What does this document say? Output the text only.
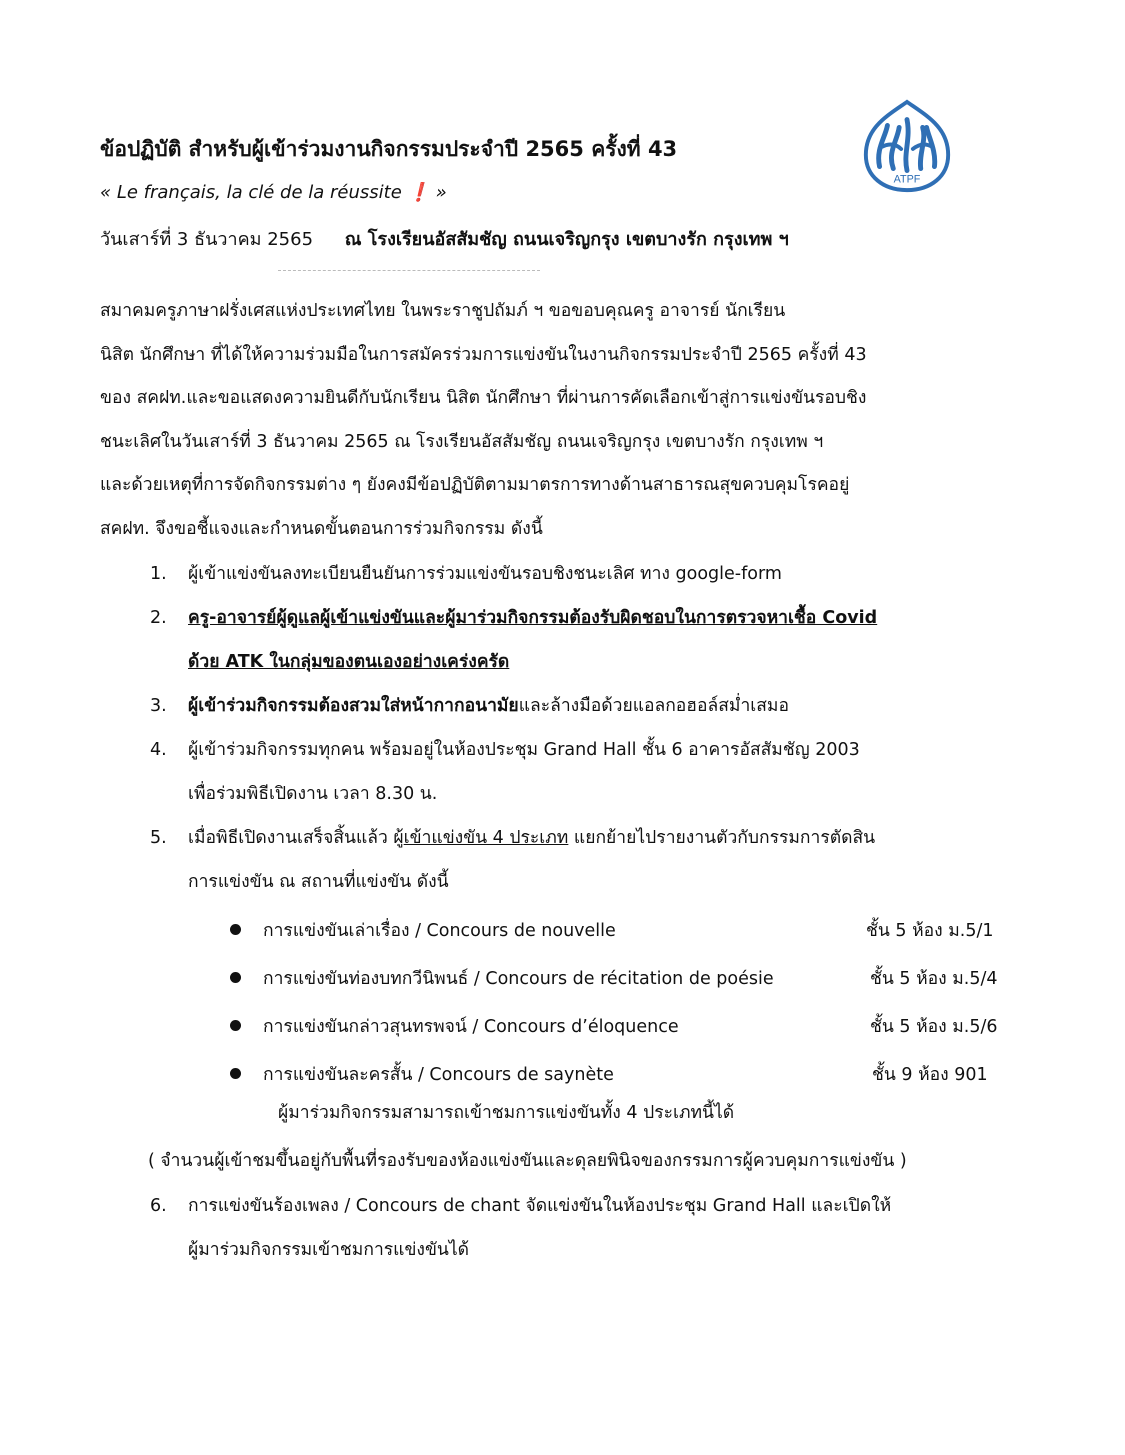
ข้อปฏิบัติ สำหรับผู้เข้าร่วมงานกิจกรรมประจำปี 2565 ครั้งที่ 43
« Le français, la clé de la réussite ❗ »
วันเสาร์ที่ 3 ธันวาคม 2565 ณ โรงเรียนอัสสัมชัญ ถนนเจริญกรุง เขตบางรัก กรุงเทพ ฯ
ATPF
สมาคมครูภาษาฝรั่งเศสแห่งประเทศไทย ในพระราชูปถัมภ์ ฯ ขอขอบคุณครู อาจารย์ นักเรียน
นิสิต นักศึกษา ที่ได้ให้ความร่วมมือในการสมัครร่วมการแข่งขันในงานกิจกรรมประจำปี 2565 ครั้งที่ 43
ของ สคฝท.และขอแสดงความยินดีกับนักเรียน นิสิต นักศึกษา ที่ผ่านการคัดเลือกเข้าสู่การแข่งขันรอบชิง
ชนะเลิศในวันเสาร์ที่ 3 ธันวาคม 2565 ณ โรงเรียนอัสสัมชัญ ถนนเจริญกรุง เขตบางรัก กรุงเทพ ฯ
และด้วยเหตุที่การจัดกิจกรรมต่าง ๆ ยังคงมีข้อปฏิบัติตามมาตรการทางด้านสาธารณสุขควบคุมโรคอยู่
สคฝท. จึงขอชี้แจงและกำหนดขั้นตอนการร่วมกิจกรรม ดังนี้
1. ผู้เข้าแข่งขันลงทะเบียนยืนยันการร่วมแข่งขันรอบชิงชนะเลิศ ทาง google-form
2. ครู-อาจารย์ผู้ดูแลผู้เข้าแข่งขันและผู้มาร่วมกิจกรรมต้องรับผิดชอบในการตรวจหาเชื้อ Covid
ด้วย ATK ในกลุ่มของตนเองอย่างเคร่งครัด
3. ผู้เข้าร่วมกิจกรรมต้องสวมใส่หน้ากากอนามัยและล้างมือด้วยแอลกอฮอล์สม่ำเสมอ
4. ผู้เข้าร่วมกิจกรรมทุกคน พร้อมอยู่ในห้องประชุม Grand Hall ชั้น 6 อาคารอัสสัมชัญ 2003
เพื่อร่วมพิธีเปิดงาน เวลา 8.30 น.
5. เมื่อพิธีเปิดงานเสร็จสิ้นแล้ว ผู้เข้าแข่งขัน 4 ประเภท แยกย้ายไปรายงานตัวกับกรรมการตัดสิน
การแข่งขัน ณ สถานที่แข่งขัน ดังนี้
6. การแข่งขันร้องเพลง / Concours de chant จัดแข่งขันในห้องประชุม Grand Hall และเปิดให้
ผู้มาร่วมกิจกรรมเข้าชมการแข่งขันได้
การแข่งขันเล่าเรื่อง / Concours de nouvelle	ชั้น 5 ห้อง ม.5/1
การแข่งขันท่องบทกวีนิพนธ์ / Concours de récitation de poésie	ชั้น 5 ห้อง ม.5/4
การแข่งขันกล่าวสุนทรพจน์ / Concours d’éloquence	ชั้น 5 ห้อง ม.5/6
การแข่งขันละครสั้น / Concours de saynète	ชั้น 9 ห้อง 901
ผู้มาร่วมกิจกรรมสามารถเข้าชมการแข่งขันทั้ง 4 ประเภทนี้ได้
( จำนวนผู้เข้าชมขึ้นอยู่กับพื้นที่รองรับของห้องแข่งขันและดุลยพินิจของกรรมการผู้ควบคุมการแข่งขัน )
